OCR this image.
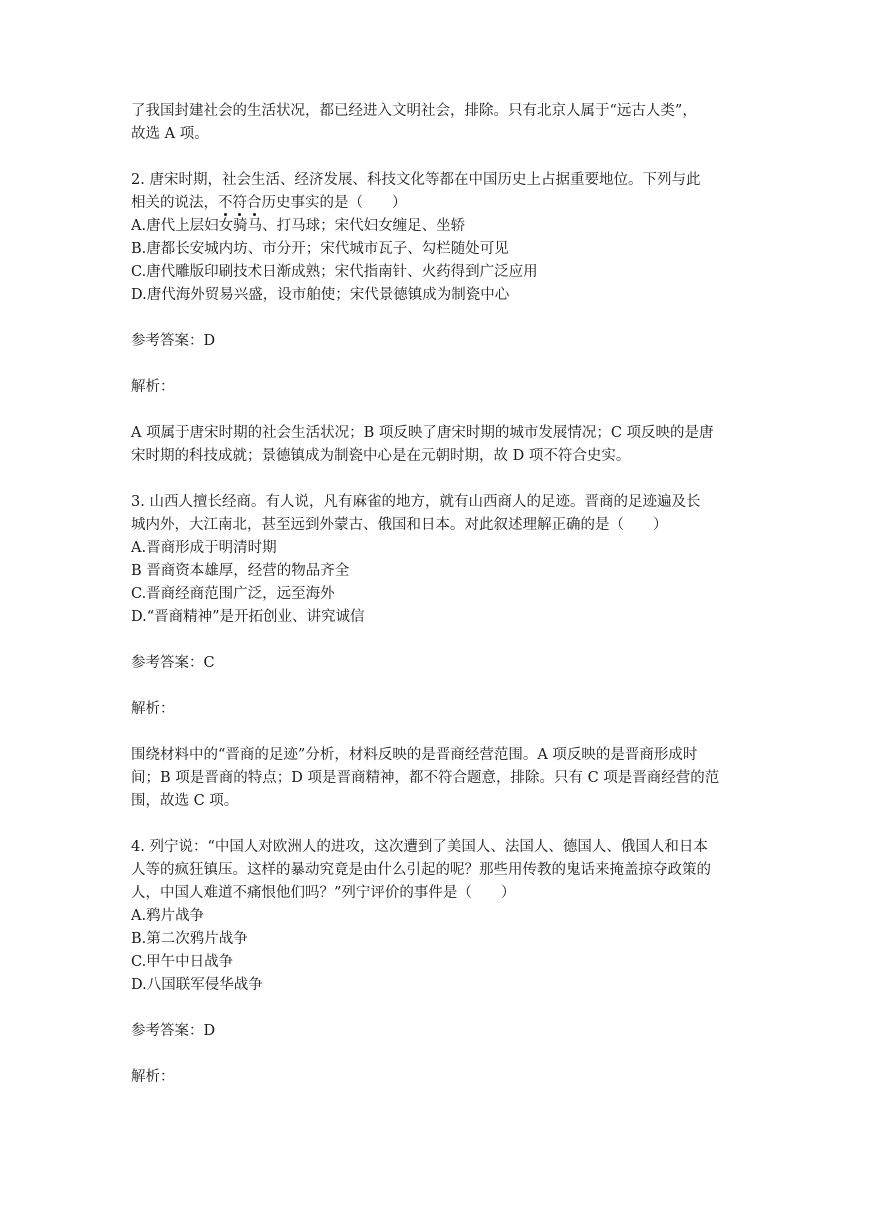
了我国封建社会的生活状况，都已经进入文明社会，排除。只有北京人属于“远古人类”，
故选 A 项。
2. 唐宋时期，社会生活、经济发展、科技文化等都在中国历史上占据重要地位。下列与此
相关的说法，不符合历史事实的是（　　）
A.唐代上层妇女骑马、打马球；宋代妇女缠足、坐轿
B.唐都长安城内坊、市分开；宋代城市瓦子、勾栏随处可见
C.唐代雕版印刷技术日渐成熟；宋代指南针、火药得到广泛应用
D.唐代海外贸易兴盛，设市舶使；宋代景德镇成为制瓷中心
参考答案：D
解析：
A 项属于唐宋时期的社会生活状况；B 项反映了唐宋时期的城市发展情况；C 项反映的是唐
宋时期的科技成就；景德镇成为制瓷中心是在元朝时期，故 D 项不符合史实。
3. 山西人擅长经商。有人说，凡有麻雀的地方，就有山西商人的足迹。晋商的足迹遍及长
城内外，大江南北，甚至远到外蒙古、俄国和日本。对此叙述理解正确的是（　　）
A.晋商形成于明清时期
B 晋商资本雄厚，经营的物品齐全
C.晋商经商范围广泛，远至海外
D.“晋商精神”是开拓创业、讲究诚信
参考答案：C
解析：
围绕材料中的“晋商的足迹”分析，材料反映的是晋商经营范围。A 项反映的是晋商形成时
间；B 项是晋商的特点；D 项是晋商精神，都不符合题意，排除。只有 C 项是晋商经营的范
围，故选 C 项。
4. 列宁说：“中国人对欧洲人的进攻，这次遭到了美国人、法国人、德国人、俄国人和日本
人等的疯狂镇压。这样的暴动究竟是由什么引起的呢？那些用传教的鬼话来掩盖掠夺政策的
人，中国人难道不痛恨他们吗？”列宁评价的事件是（　　）
A.鸦片战争
B.第二次鸦片战争
C.甲午中日战争
D.八国联军侵华战争
参考答案：D
解析：
